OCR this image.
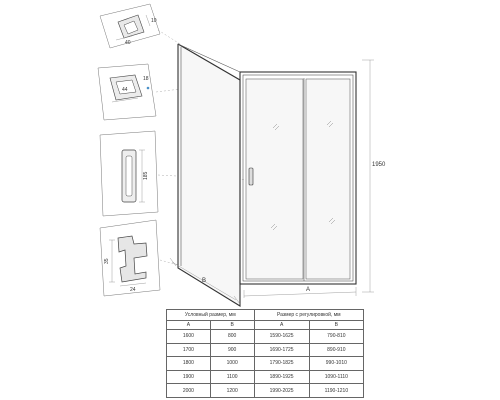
40
10
44
18
185
35
24
1950
A
B
Условный размер, мм		Размер с регулировкой, мм	
A	B	A	B
1600	800	1590-1625	790-810
1700	900	1690-1725	890-910
1800	1000	1790-1825	990-1010
1900	1100	1890-1925	1090-1110
2000	1200	1990-2025	1190-1210
